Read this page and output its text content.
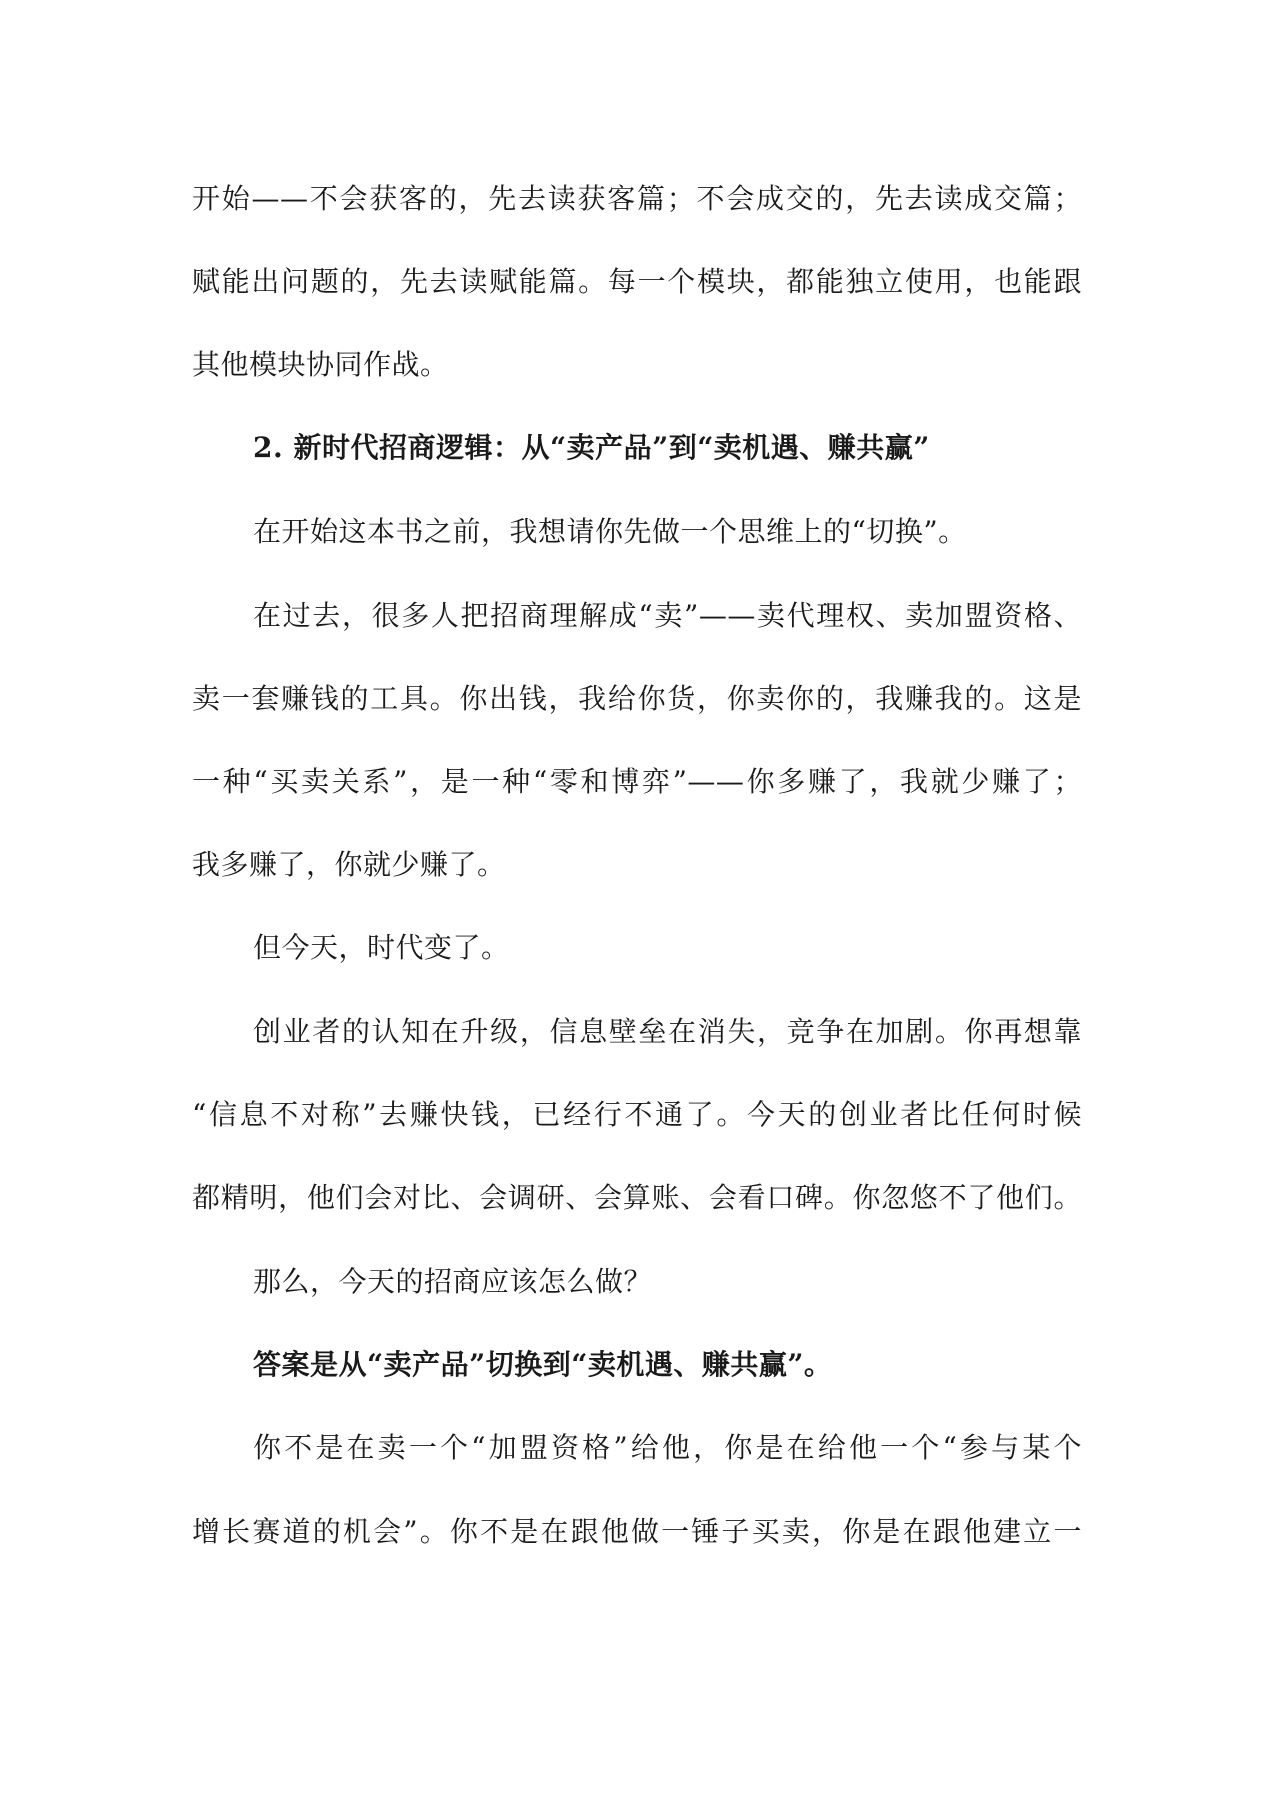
开始——不会获客的，先去读获客篇；不会成交的，先去读成交篇；
赋能出问题的，先去读赋能篇。每一个模块，都能独立使用，也能跟
其他模块协同作战。
2. 新时代招商逻辑：从“卖产品”到“卖机遇、赚共赢”
在开始这本书之前，我想请你先做一个思维上的“切换”。
在过去，很多人把招商理解成“卖”——卖代理权、卖加盟资格、
卖一套赚钱的工具。你出钱，我给你货，你卖你的，我赚我的。这是
一种“买卖关系”，是一种“零和博弈”——你多赚了，我就少赚了；
我多赚了，你就少赚了。
但今天，时代变了。
创业者的认知在升级，信息壁垒在消失，竞争在加剧。你再想靠
“信息不对称”去赚快钱，已经行不通了。今天的创业者比任何时候
都精明，他们会对比、会调研、会算账、会看口碑。你忽悠不了他们。
那么，今天的招商应该怎么做？
答案是从“卖产品”切换到“卖机遇、赚共赢”。
你不是在卖一个“加盟资格”给他，你是在给他一个“参与某个
增长赛道的机会”。你不是在跟他做一锤子买卖，你是在跟他建立一
